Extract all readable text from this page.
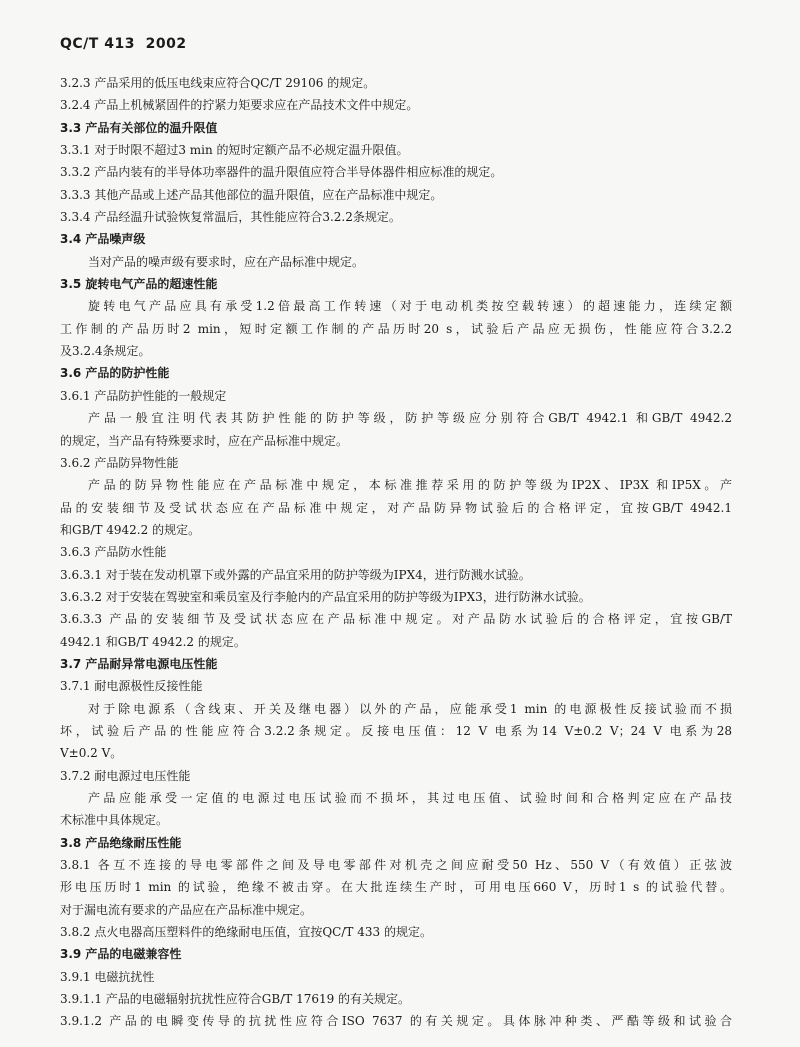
QC/T 413  2002
3.2.3 产品采用的低压电线束应符合QC/T 29106 的规定。
3.2.4 产品上机械紧固件的拧紧力矩要求应在产品技术文件中规定。
3.3 产品有关部位的温升限值
3.3.1 对于时限不超过3 min 的短时定额产品不必规定温升限值。
3.3.2 产品内装有的半导体功率器件的温升限值应符合半导体器件相应标准的规定。
3.3.3 其他产品或上述产品其他部位的温升限值，应在产品标准中规定。
3.3.4 产品经温升试验恢复常温后，其性能应符合3.2.2条规定。
3.4 产品噪声级
当对产品的噪声级有要求时，应在产品标准中规定。
3.5 旋转电气产品的超速性能
旋转电气产品应具有承受1.2倍最高工作转速（对于电动机类按空载转速）的超速能力，连续定额
工作制的产品历时2 min，短时定额工作制的产品历时20 s，试验后产品应无损伤，性能应符合3.2.2
及3.2.4条规定。
3.6 产品的防护性能
3.6.1 产品防护性能的一般规定
产品一般宜注明代表其防护性能的防护等级，防护等级应分别符合GB/T 4942.1 和GB/T 4942.2
的规定，当产品有特殊要求时，应在产品标准中规定。
3.6.2 产品防异物性能
产品的防异物性能应在产品标准中规定，本标准推荐采用的防护等级为IP2X、IP3X 和IP5X。产
品的安装细节及受试状态应在产品标准中规定，对产品防异物试验后的合格评定，宜按GB/T 4942.1
和GB/T 4942.2 的规定。
3.6.3 产品防水性能
3.6.3.1 对于装在发动机罩下或外露的产品宜采用的防护等级为IPX4，进行防溅水试验。
3.6.3.2 对于安装在驾驶室和乘员室及行李舱内的产品宜采用的防护等级为IPX3，进行防淋水试验。
3.6.3.3 产品的安装细节及受试状态应在产品标准中规定。对产品防水试验后的合格评定，宜按GB/T
4942.1 和GB/T 4942.2 的规定。
3.7 产品耐异常电源电压性能
3.7.1 耐电源极性反接性能
对于除电源系（含线束、开关及继电器）以外的产品，应能承受1 min 的电源极性反接试验而不损
坏，试验后产品的性能应符合3.2.2条规定。反接电压值：12 V 电系为14 V±0.2 V；24 V 电系为28
V±0.2 V。
3.7.2 耐电源过电压性能
产品应能承受一定值的电源过电压试验而不损坏，其过电压值、试验时间和合格判定应在产品技
术标准中具体规定。
3.8 产品绝缘耐压性能
3.8.1 各互不连接的导电零部件之间及导电零部件对机壳之间应耐受50 Hz、550 V（有效值）正弦波
形电压历时1 min 的试验，绝缘不被击穿。在大批连续生产时，可用电压660 V，历时1 s 的试验代替。
对于漏电流有要求的产品应在产品标准中规定。
3.8.2 点火电器高压塑料件的绝缘耐电压值，宜按QC/T 433 的规定。
3.9 产品的电磁兼容性
3.9.1 电磁抗扰性
3.9.1.1 产品的电磁辐射抗扰性应符合GB/T 17619 的有关规定。
3.9.1.2 产品的电瞬变传导的抗扰性应符合ISO 7637 的有关规定。具体脉冲种类、严酷等级和试验合
